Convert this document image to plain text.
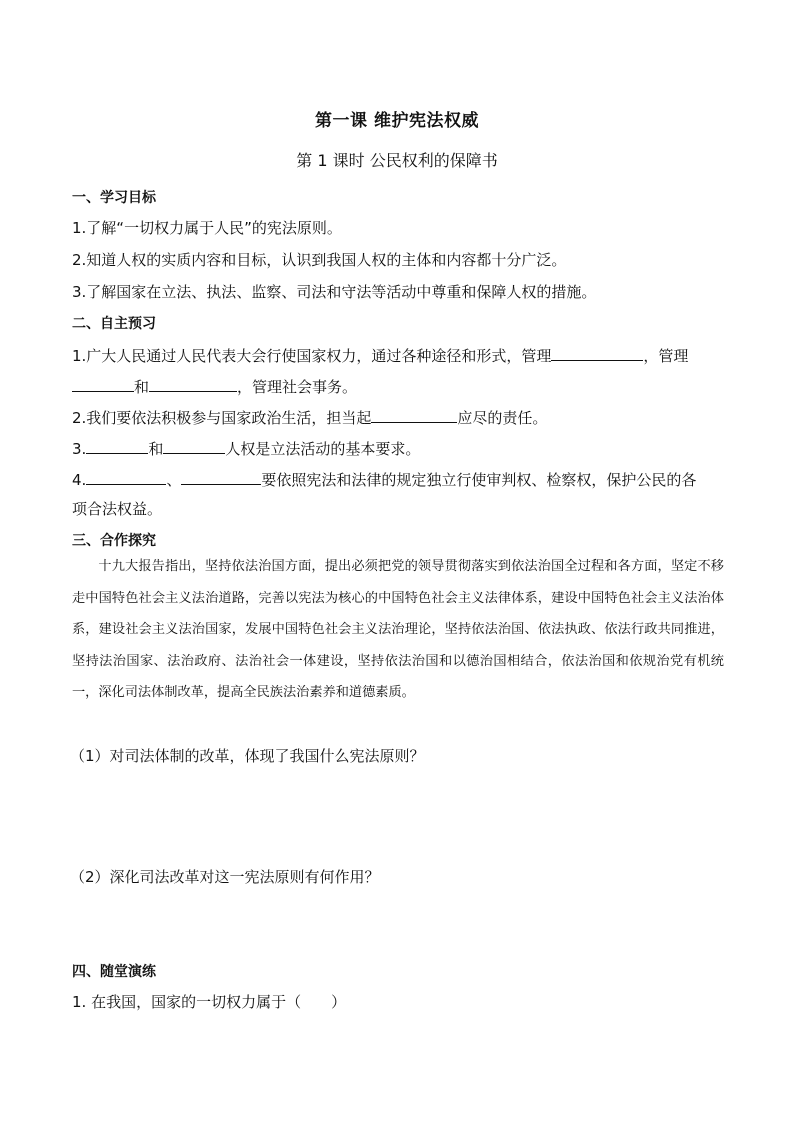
第一课 维护宪法权威
第 1 课时 公民权利的保障书
一、学习目标
1.了解“一切权力属于人民”的宪法原则。
2.知道人权的实质内容和目标，认识到我国人权的主体和内容都十分广泛。
3.了解国家在立法、执法、监察、司法和守法等活动中尊重和保障人权的措施。
二、自主预习
1.广大人民通过人民代表大会行使国家权力，通过各种途径和形式，管理	，管理
和	，管理社会事务。
2.我们要依法积极参与国家政治生活，担当起	应尽的责任。
3.	和	人权是立法活动的基本要求。
4.	、	要依照宪法和法律的规定独立行使审判权、检察权，保护公民的各
项合法权益。
三、合作探究
十九大报告指出，坚持依法治国方面，提出必须把党的领导贯彻落实到依法治国全过程和各方面，坚定不移走中国特色社会主义法治道路，完善以宪法为核心的中国特色社会主义法律体系，建设中国特色社会主义法治体系，建设社会主义法治国家，发展中国特色社会主义法治理论，坚持依法治国、依法执政、依法行政共同推进，坚持法治国家、法治政府、法治社会一体建设，坚持依法治国和以德治国相结合，依法治国和依规治党有机统一，深化司法体制改革，提高全民族法治素养和道德素质。
（1）对司法体制的改革，体现了我国什么宪法原则？
（2）深化司法改革对这一宪法原则有何作用？
四、随堂演练
1. 在我国，国家的一切权力属于（　　）
